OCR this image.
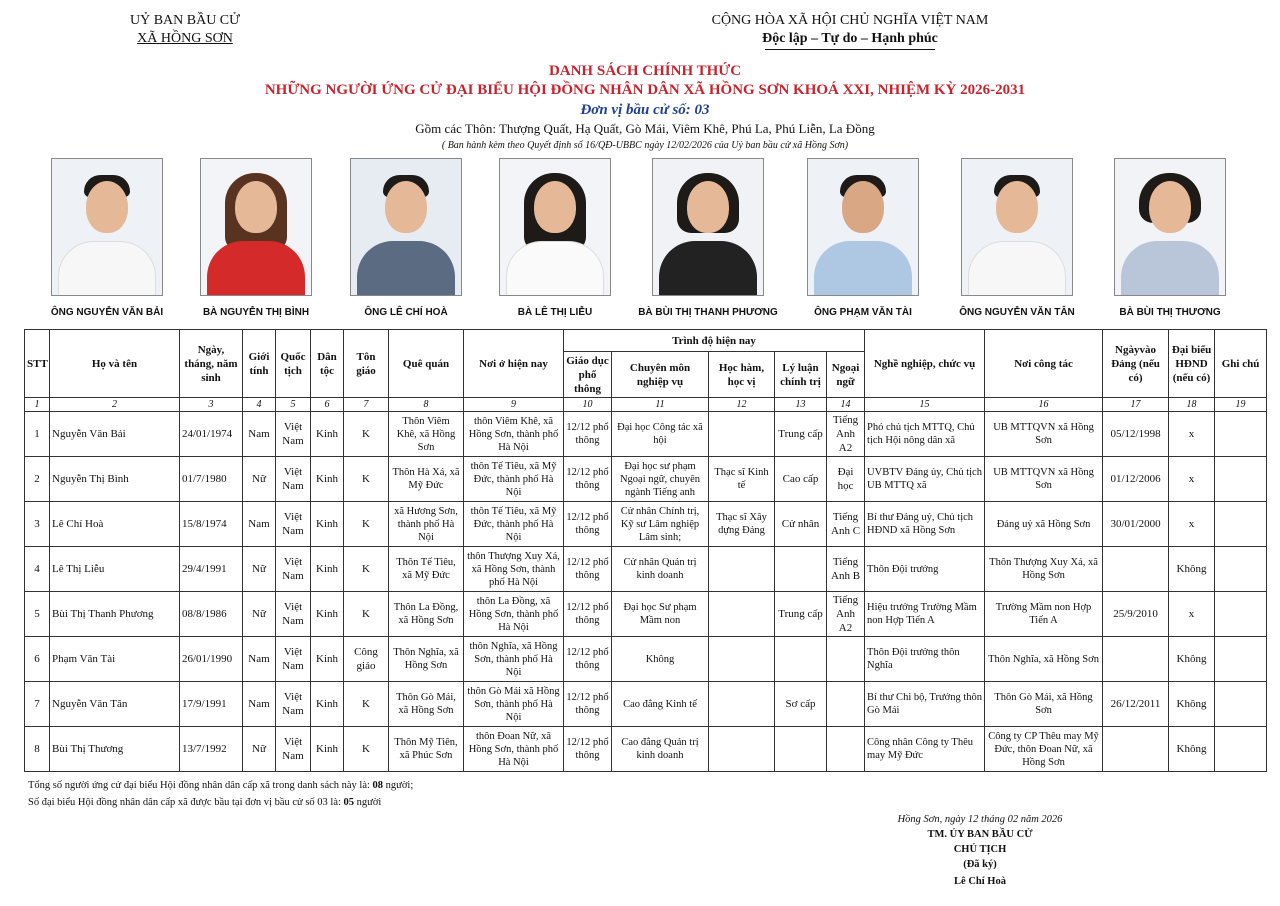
UỶ BAN BẦU CỬ
XÃ HỒNG SƠN
CỘNG HÒA XÃ HỘI CHỦ NGHĨA VIỆT NAM
Độc lập – Tự do – Hạnh phúc
DANH SÁCH CHÍNH THỨC
NHỮNG NGƯỜI ỨNG CỬ ĐẠI BIỂU HỘI ĐỒNG NHÂN DÂN XÃ HỒNG SƠN KHOÁ XXI, NHIỆM KỲ 2026-2031
Đơn vị bầu cử số: 03
Gồm các Thôn: Thượng Quất, Hạ Quất, Gò Mái, Viêm Khê, Phú La, Phú Liễn, La Đồng
( Ban hành kèm theo Quyết định số 16/QĐ-UBBC ngày 12/02/2026 của Uỷ ban bầu cử xã Hồng Sơn)
ÔNG NGUYỄN VĂN BẢI	BÀ NGUYỄN THỊ BÌNH	ÔNG LÊ CHÍ HOÀ	BÀ LÊ THỊ LIỄU	BÀ BÙI THỊ THANH PHƯƠNG	ÔNG PHẠM VĂN TÀI	ÔNG NGUYỄN VĂN TÂN	BÀ BÙI THỊ THƯƠNG
STT	Họ và tên	Ngày, tháng, năm sinh	Giới tính	Quốc tịch	Dân tộc	Tôn giáo	Quê quán	Nơi ở hiện nay	Trình độ hiện nay					Nghề nghiệp, chức vụ	Nơi công tác	Ngàyvào Đảng (nếu có)	Đại biểu HĐND (nếu có)	Ghi chú
									Giáo dục phổ thông	Chuyên môn nghiệp vụ	Học hàm, học vị	Lý luận chính trị	Ngoại ngữ					
1	2	3	4	5	6	7	8	9	10	11	12	13	14	15	16	17	18	19
1	Nguyễn Văn Bải	24/01/1974	Nam	Việt Nam	Kinh	K	Thôn Viêm Khê, xã Hồng Sơn	thôn Viêm Khê, xã Hồng Sơn, thành phố Hà Nội	12/12 phổ thông	Đại học Công tác xã hội		Trung cấp	Tiếng Anh A2	Phó chủ tịch MTTQ, Chủ tịch Hội nông dân xã	UB MTTQVN xã Hồng Sơn	05/12/1998	x	
2	Nguyễn Thị Bình	01/7/1980	Nữ	Việt Nam	Kinh	K	Thôn Hà Xá, xã Mỹ Đức	thôn Tế Tiêu, xã Mỹ Đức, thành phố Hà Nội	12/12 phổ thông	Đại học sư phạm Ngoại ngữ, chuyên ngành Tiếng anh	Thạc sĩ Kinh tế	Cao cấp	Đại học	UVBTV Đảng ủy, Chủ tịch UB MTTQ xã	UB MTTQVN xã Hồng Sơn	01/12/2006	x	
3	Lê Chí Hoà	15/8/1974	Nam	Việt Nam	Kinh	K	xã Hương Sơn, thành phố Hà Nội	thôn Tế Tiêu, xã Mỹ Đức, thành phố Hà Nội	12/12 phổ thông	Cử nhân Chính trị, Kỹ sư Lâm nghiệp Lâm sinh;	Thạc sĩ Xây dựng Đảng	Cử nhân	Tiếng Anh C	Bí thư Đảng uỷ, Chủ tịch HĐND xã Hồng Sơn	Đảng uỷ xã Hồng Sơn	30/01/2000	x	
4	Lê Thị Liễu	29/4/1991	Nữ	Việt Nam	Kinh	K	Thôn Tế Tiêu, xã Mỹ Đức	thôn Thượng Xuy Xá, xã Hồng Sơn, thành phố Hà Nội	12/12 phổ thông	Cử nhân Quản trị kinh doanh			Tiếng Anh B	Thôn Đội trưởng	Thôn Thượng Xuy Xá, xã Hồng Sơn		Không	
5	Bùi Thị Thanh Phương	08/8/1986	Nữ	Việt Nam	Kinh	K	Thôn La Đồng, xã Hồng Sơn	thôn La Đồng, xã Hồng Sơn, thành phố Hà Nội	12/12 phổ thông	Đại học Sư phạm Mầm non		Trung cấp	Tiếng Anh A2	Hiệu trưởng Trường Mầm non Hợp Tiến A	Trường Mầm non Hợp Tiến A	25/9/2010	x	
6	Phạm Văn Tài	26/01/1990	Nam	Việt Nam	Kinh	Công giáo	Thôn Nghĩa, xã Hồng Sơn	thôn Nghĩa, xã Hồng Sơn, thành phố Hà Nội	12/12 phổ thông	Không				Thôn Đội trưởng thôn Nghĩa	Thôn Nghĩa, xã Hồng Sơn		Không	
7	Nguyễn Văn Tân	17/9/1991	Nam	Việt Nam	Kinh	K	Thôn Gò Mái, xã Hồng Sơn	thôn Gò Mái xã Hồng Sơn, thành phố Hà Nội	12/12 phổ thông	Cao đẳng Kinh tế		Sơ cấp		Bí thư Chi bộ, Trưởng thôn Gò Mái	Thôn Gò Mái, xã Hồng Sơn	26/12/2011	Không	
8	Bùi Thị Thương	13/7/1992	Nữ	Việt Nam	Kinh	K	Thôn Mỹ Tiên, xã Phúc Sơn	thôn Đoan Nữ, xã Hồng Sơn, thành phố Hà Nội	12/12 phổ thông	Cao đẳng Quản trị kinh doanh				Công nhân Công ty Thêu may Mỹ Đức	Công ty CP Thêu may Mỹ Đức, thôn Đoan Nữ, xã Hồng Sơn		Không	
Tổng số người ứng cử đại biểu Hội đồng nhân dân cấp xã trong danh sách này là: 08 người;
Số đại biểu Hội đồng nhân dân cấp xã được bầu tại đơn vị bầu cử số 03 là: 05 người
Hồng Sơn, ngày 12 tháng 02 năm 2026
TM. ỦY BAN BẦU CỬ
CHỦ TỊCH
(Đã ký)
Lê Chí Hoà
